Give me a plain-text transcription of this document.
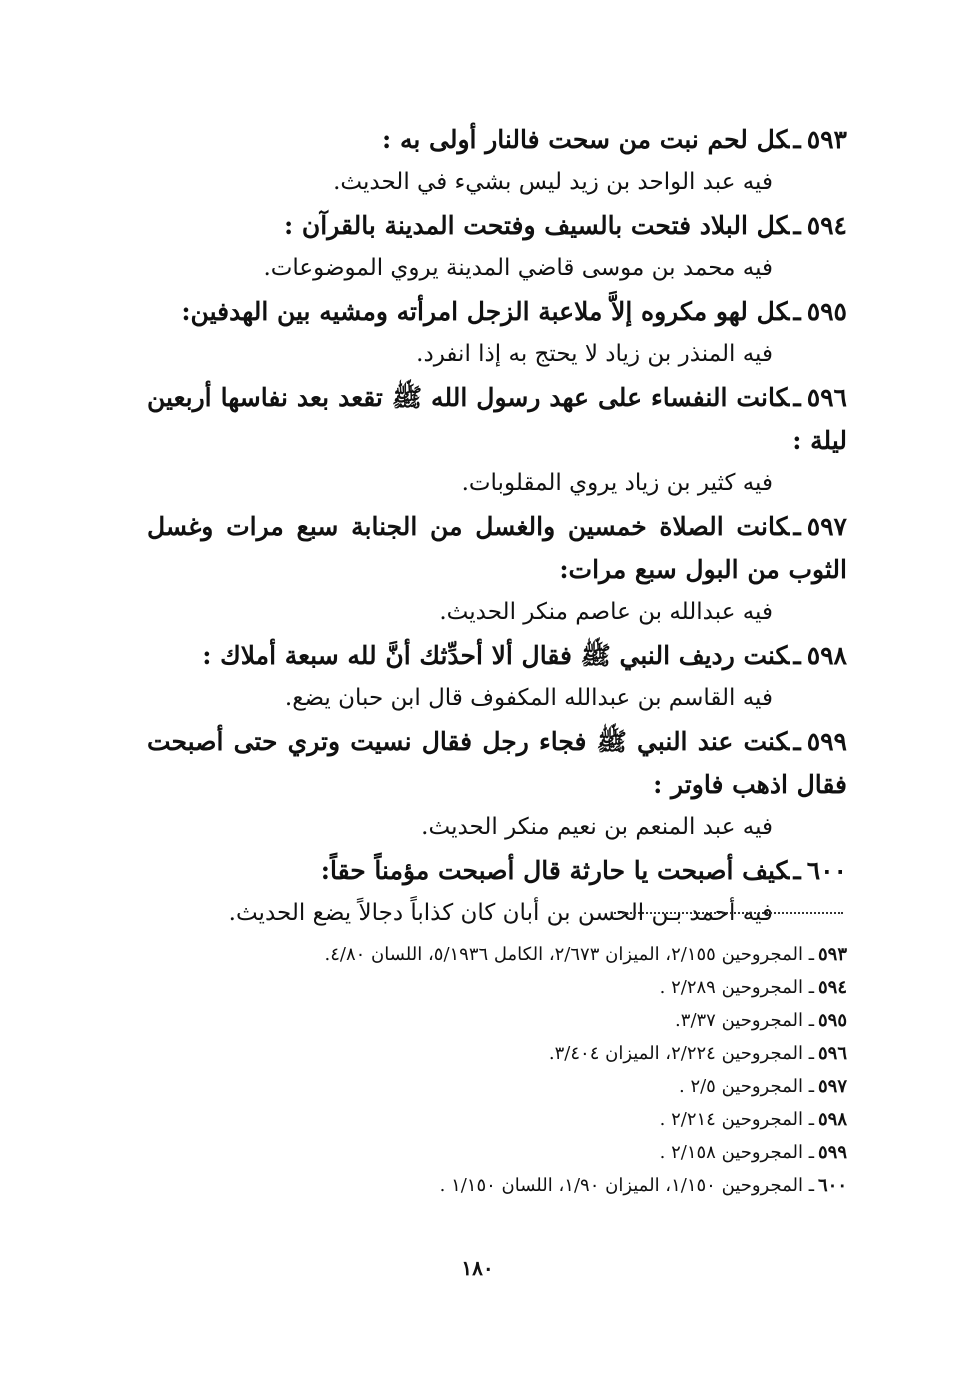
٥٩٣ـكل لحم نبت من سحت فالنار أولى به :

فيه عبد الواحد بن زيد ليس بشيء في الحديث.

٥٩٤ـكل البلاد فتحت بالسيف وفتحت المدينة بالقرآن :

فيه محمد بن موسى قاضي المدينة يروي الموضوعات.

٥٩٥ـكل لهو مكروه إلاَّ ملاعبة الزجل امرأته ومشيه بين الهدفين:

فيه المنذر بن زياد لا يحتج به إذا انفرد.

٥٩٦ـكانت النفساء على عهد رسول الله ﷺ تقعد بعد نفاسها أربعين ليلة :

فيه كثير بن زياد يروي المقلوبات.

٥٩٧ـكانت الصلاة خمسين والغسل من الجنابة سبع مرات وغسل الثوب من البول سبع مرات:

فيه عبدالله بن عاصم منكر الحديث.

٥٩٨ـكنت رديف النبي ﷺ فقال ألا أحدِّثك أنَّ لله سبعة أملاك :

فيه القاسم بن عبدالله المكفوف قال ابن حبان يضع.

٥٩٩ـكنت عند النبي ﷺ فجاء رجل فقال نسيت وتري حتى أصبحت فقال اذهب فاوتر :

فيه عبد المنعم بن نعيم منكر الحديث.

٦٠٠ـكيف أصبحت يا حارثة قال أصبحت مؤمناً حقاً:

فيه أحمد بـن الحسن بن أبان كان كذاباً دجالاً يضع الحديث.

٥٩٣ـ المجروحين ٢/١٥٥، الميزان ٢/٦٧٣، الكامل ٥/١٩٣٦، اللسان ٤/٨٠.

٥٩٤ـ المجروحين ٢/٢٨٩ .

٥٩٥ـ المجروحين ٣/٣٧.

٥٩٦ـ المجروحين ٢/٢٢٤، الميزان ٣/٤٠٤.

٥٩٧ـ المجروحين ٢/٥ .

٥٩٨ـ المجروحين ٢/٢١٤ .

٥٩٩ـ المجروحين ٢/١٥٨ .

٦٠٠ـ المجروحين ١/١٥٠، الميزان ١/٩٠، اللسان ١/١٥٠ .

١٨٠
